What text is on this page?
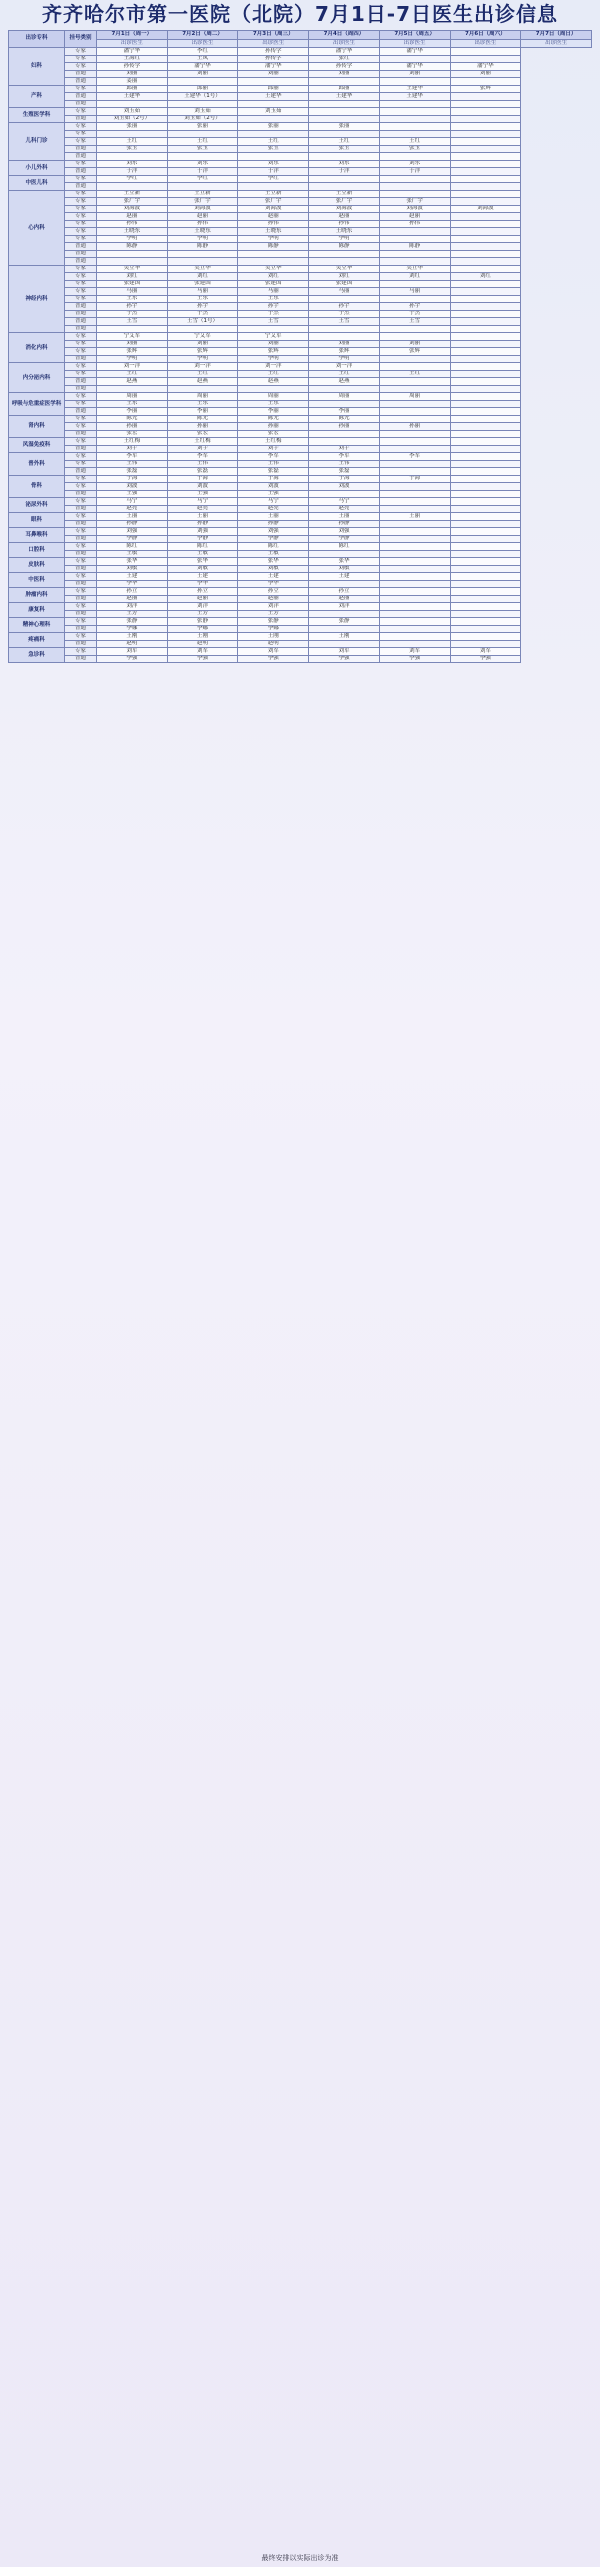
齐齐哈尔市第一医院（北院）7月1日-7日医生出诊信息
出诊专科	挂号类别	7月1日（周一）	7月2日（周二）	7月3日（周三）	7月4日（周四）	7月5日（周五）	7月6日（周六）	7月7日（周日）
		出诊医生	出诊医生	出诊医生	出诊医生	出诊医生	出诊医生	出诊医生
妇科	专家	潘宁华	李红	孙传学	潘宁华	潘宁华		
	专家	王海红	王凤	孙传学	张红			
	专家	孙传学	潘宁华	潘宁华	孙传学	潘宁华	潘宁华	
	普通	刘丽	刘丽	刘丽	刘丽	刘丽	刘丽	
	普通	姜丽						
产科	专家	邱丽	邱丽	邱丽	邱丽	王建华	张辉	
	普通	王建华	王建华（1号）	王建华	王建华	王建华		
	普通							
生殖医学科	专家	刘玉茹	刘玉茹	刘玉茹				
	普通	刘玉茹（2号）	刘玉茹（2号）					
儿科门诊	专家	张丽	张丽	张丽	张丽			
	专家							
	专家	王红	王红	王红	王红	王红		
	普通	张玉	张玉	张玉	张玉	张玉		
	普通							
小儿外科	专家	刘东	刘东	刘东	刘东	刘东		
	普通	于洋	于洋	于洋	于洋	于洋		
中医儿科	专家	李红	李红	李红				
	普通							
心内科	专家	王立新	王立新	王立新	王立新			
	专家	张广宇	张广宇	张广宇	张广宇	张广宇		
	专家	刘海波	刘海波	刘海波	刘海波	刘海波	刘海波	
	专家	赵丽	赵丽	赵丽	赵丽	赵丽		
	专家	孙伟	孙伟	孙伟	孙伟	孙伟		
	专家	王晓东	王晓东	王晓东	王晓东			
	专家	李明	李明	李明	李明			
	普通	陈静	陈静	陈静	陈静	陈静		
	普通							
	普通							
神经内科	专家	吴立华	吴立华	吴立华	吴立华	吴立华		
	专家	刘红	刘红	刘红	刘红	刘红	刘红	
	专家	张建国	张建国	张建国	张建国			
	专家	马丽	马丽	马丽	马丽	马丽		
	专家	王东	王东	王东				
	普通	孙宇	孙宇	孙宇	孙宇	孙宇		
	普通	于杰	于杰	于杰	于杰	于杰		
	普通	王雪	王雪（1号）	王雪	王雪	王雪		
	普通							
消化内科	专家	宁艾军	宁艾军	宁艾军				
	专家	刘丽	刘丽	刘丽	刘丽	刘丽		
	专家	张辉	张辉	张辉	张辉	张辉		
	普通	李明	李明	李明	李明			
内分泌内科	专家	刘一洋	刘一洋	刘一洋	刘一洋			
	专家	王红	王红	王红	王红	王红		
	普通	赵燕	赵燕	赵燕	赵燕			
	普通							
呼吸与危重症医学科	专家	周丽	周丽	周丽	周丽	周丽		
	专家	王东	王东	王东				
	普通	李丽	李丽	李丽	李丽			
肾内科	专家	陈光	陈光	陈光	陈光			
	专家	孙丽	孙丽	孙丽	孙丽	孙丽		
	普通	张宏	张宏	张宏				
风湿免疫科	专家	王红梅	王红梅	王红梅				
	普通	刘宇	刘宇	刘宇	刘宇			
普外科	专家	李军	李军	李军	李军	李军		
	专家	王伟	王伟	王伟	王伟			
	普通	张磊	张磊	张磊	张磊			
骨科	专家	于海	于海	于海	于海	于海		
	专家	刘波	刘波	刘波	刘波			
	普通	王强	王强	王强				
泌尿外科	专家	马宁	马宁	马宁	马宁			
	普通	赵亮	赵亮	赵亮	赵亮			
眼科	专家	王丽	王丽	王丽	王丽	王丽		
	普通	孙静	孙静	孙静	孙静			
耳鼻喉科	专家	刘强	刘强	刘强	刘强			
	普通	李静	李静	李静	李静			
口腔科	专家	陈红	陈红	陈红	陈红			
	普通	王敏	王敏	王敏				
皮肤科	专家	张华	张华	张华	张华			
	普通	刘敏	刘敏	刘敏	刘敏			
中医科	专家	王建	王建	王建	王建			
	普通	李华	李华	李华				
肿瘤内科	专家	孙立	孙立	孙立	孙立			
	普通	赵丽	赵丽	赵丽	赵丽			
康复科	专家	刘洋	刘洋	刘洋	刘洋			
	普通	王芳	王芳	王芳				
精神心理科	专家	张静	张静	张静	张静			
	普通	李娜	李娜	李娜				
疼痛科	专家	王刚	王刚	王刚	王刚			
	普通	赵明	赵明	赵明				
急诊科	专家	刘军	刘军	刘军	刘军	刘军	刘军	
	普通	李强	李强	李强	李强	李强	李强	
最终安排以实际出诊为准
